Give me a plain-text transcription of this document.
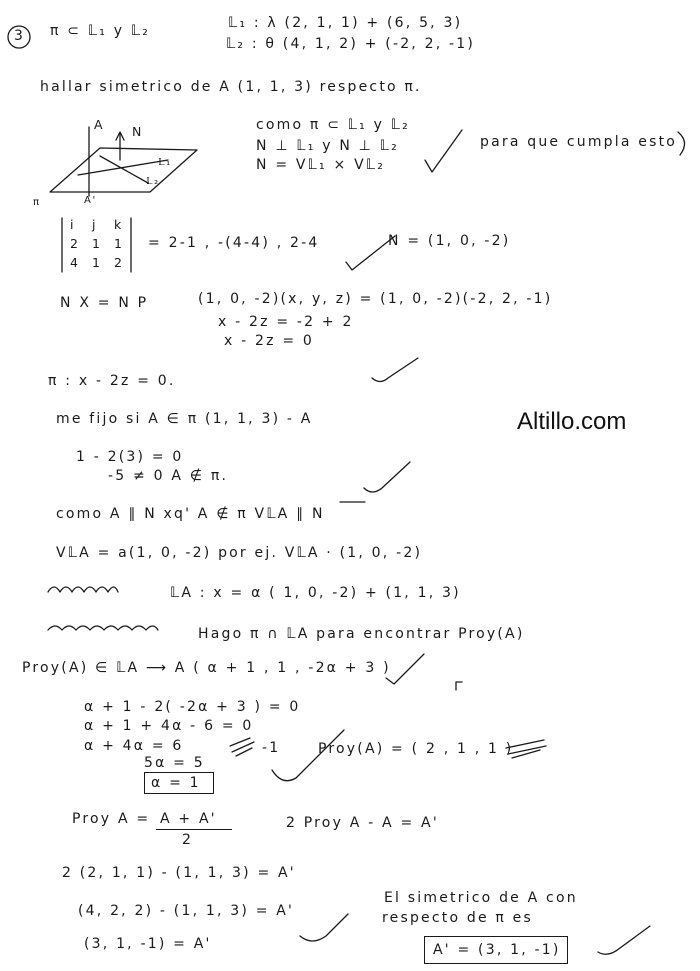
3 π ⊂ 𝕃₁ y 𝕃₂	𝕃₁ : λ (2, 1, 1) + (6, 5, 3)
𝕃₂ : θ (4, 1, 2) + (-2, 2, -1)
hallar simetrico de A (1, 1, 3) respecto π.
A N
𝕃₁
𝕃₂
π	A'
como π ⊂ 𝕃₁ y 𝕃₂
N ⊥ 𝕃₁ y N ⊥ 𝕃₂
N = V𝕃₁ × V𝕃₂
para que cumpla esto
i j k
2 1 1
4 1 2
= 2-1 , -(4-4) , 2-4	N = (1, 0, -2)
N X = N P	(1, 0, -2)(x, y, z) = (1, 0, -2)(-2, 2, -1)
x - 2z = -2 + 2
x - 2z = 0
π : x - 2z = 0.
Altillo.com
me fijo si A ∈ π (1, 1, 3) - A
1 - 2(3) = 0
-5 ≠ 0 A ∉ π.
como A ∥ N xq' A ∉ π V𝕃A ∥ N
V𝕃A = a(1, 0, -2) por ej. V𝕃A · (1, 0, -2)
𝕃A : x = α ( 1, 0, -2) + (1, 1, 3)
Hago π ∩ 𝕃A para encontrar Proy(A)
Proy(A) ∈ 𝕃A ⟶ A ( α + 1 , 1 , -2α + 3 )
α + 1 - 2( -2α + 3 ) = 0
α + 1 + 4α - 6 = 0
α + 4α = 6	-1
5α = 5
α = 1
Proy(A) = ( 2 , 1 , 1 )
Proy A = A + A'
2
2 Proy A - A = A'
2 (2, 1, 1) - (1, 1, 3) = A'
(4, 2, 2) - (1, 1, 3) = A'
(3, 1, -1) = A'
El simetrico de A con
respecto de π es
A' = (3, 1, -1)
